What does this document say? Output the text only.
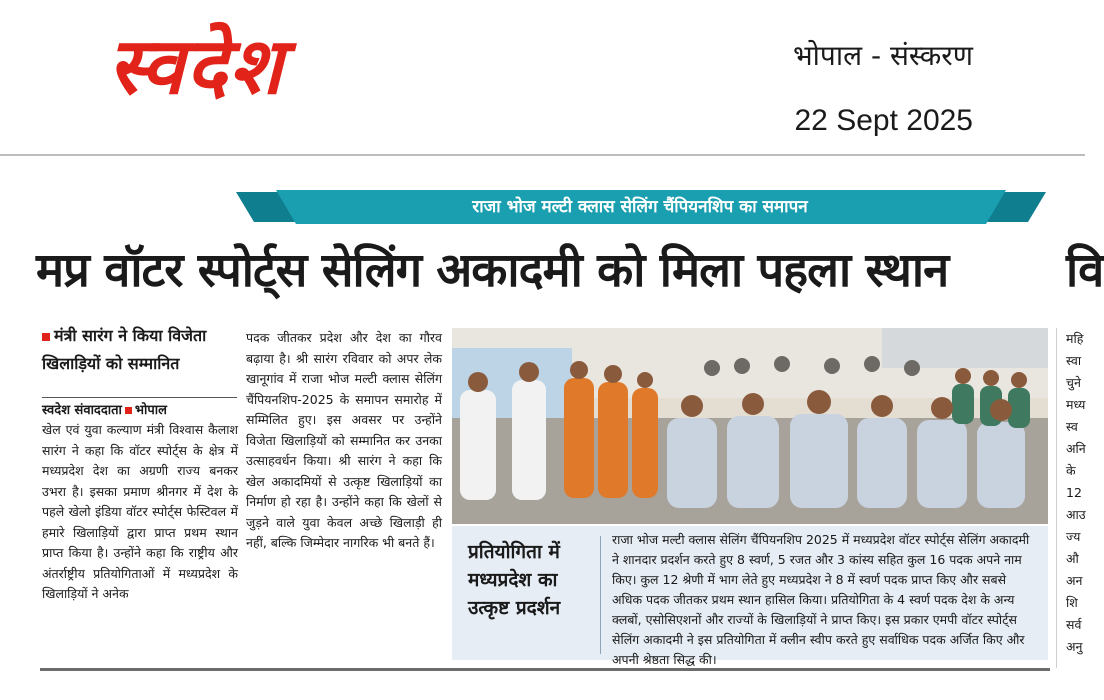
स्वदेश	भोपाल - संस्करण
22 Sept 2025
राजा भोज मल्टी क्लास सेलिंग चैंपियनशिप का समापन
मप्र वॉटर स्पोर्ट्स सेलिंग अकादमी को मिला पहला स्थान	वि
मंत्री सारंग ने किया विजेता खिलाड़ियों को सम्मानित
स्वदेश संवाददाता भोपाल
खेल एवं युवा कल्याण मंत्री विश्वास कैलाश सारंग ने कहा कि वॉटर स्पोर्ट्स के क्षेत्र में मध्यप्रदेश देश का अग्रणी राज्य बनकर उभरा है। इसका प्रमाण श्रीनगर में देश के पहले खेलो इंडिया वॉटर स्पोर्ट्स फेस्टिवल में हमारे खिलाड़ियों द्वारा प्राप्त प्रथम स्थान प्राप्त किया है। उन्होंने कहा कि राष्ट्रीय और अंतर्राष्ट्रीय प्रतियोगिताओं में मध्यप्रदेश के खिलाड़ियों ने अनेक
पदक जीतकर प्रदेश और देश का गौरव बढ़ाया है। श्री सारंग रविवार को अपर लेक खानूगांव में राजा भोज मल्टी क्लास सेलिंग चैंपियनशिप-2025 के समापन समारोह में सम्मिलित हुए। इस अवसर पर उन्होंने विजेता खिलाड़ियों को सम्मानित कर उनका उत्साहवर्धन किया। श्री सारंग ने कहा कि खेल अकादमियों से उत्कृष्ट खिलाड़ियों का निर्माण हो रहा है। उन्होंने कहा कि खेलों से जुड़ने वाले युवा केवल अच्छे खिलाड़ी ही नहीं, बल्कि जिम्मेदार नागरिक भी बनते हैं।	प्रतियोगिता में मध्यप्रदेश का उत्कृष्ट प्रदर्शन
राजा भोज मल्टी क्लास सेलिंग चैंपियनशिप 2025 में मध्यप्रदेश वॉटर स्पोर्ट्स सेलिंग अकादमी ने शानदार प्रदर्शन करते हुए 8 स्वर्ण, 5 रजत और 3 कांस्य सहित कुल 16 पदक अपने नाम किए। कुल 12 श्रेणी में भाग लेते हुए मध्यप्रदेश ने 8 में स्वर्ण पदक प्राप्त किए और सबसे अधिक पदक जीतकर प्रथम स्थान हासिल किया। प्रतियोगिता के 4 स्वर्ण पदक देश के अन्य क्लबों, एसोसिएशनों और राज्यों के खिलाड़ियों ने प्राप्त किए। इस प्रकार एमपी वॉटर स्पोर्ट्स सेलिंग अकादमी ने इस प्रतियोगिता में क्लीन स्वीप करते हुए सर्वाधिक पदक अर्जित किए और अपनी श्रेष्ठता सिद्ध की।
महि
स्वा
चुने
मध्य
स्व
अनि
के
12
आउ
ज्य
औ
अन
शि
सर्व
अनु
